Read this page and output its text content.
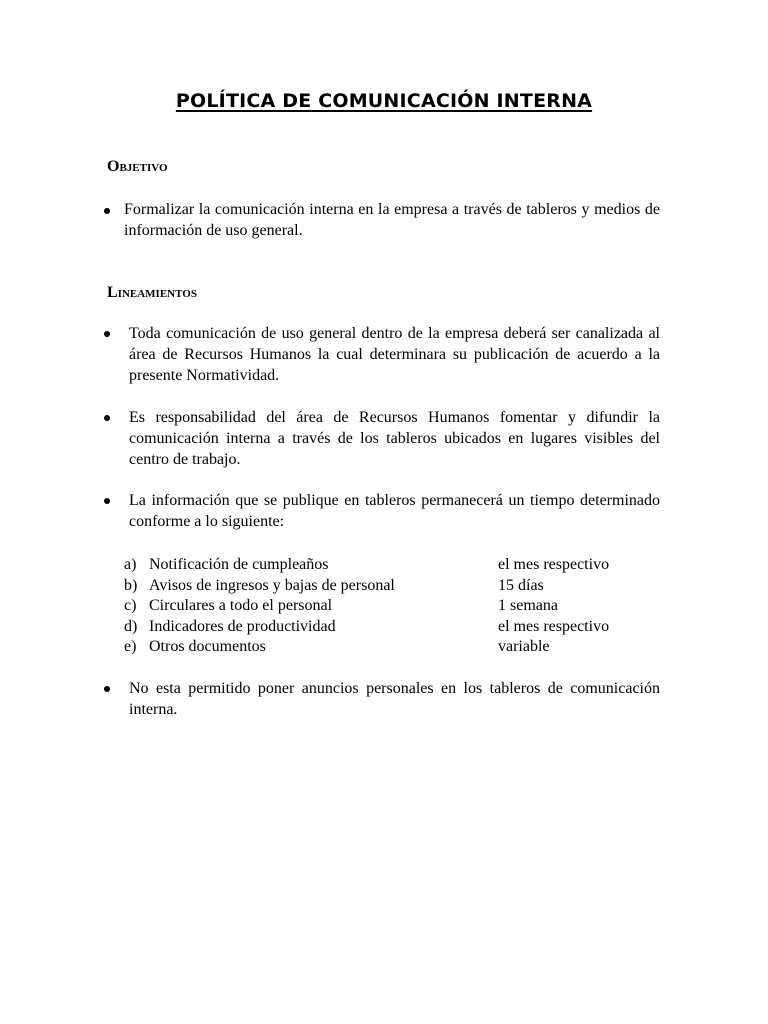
POLÍTICA DE COMUNICACIÓN INTERNA
Objetivo
Formalizar la comunicación interna en la empresa a través de tableros y medios de información de uso general.
Lineamientos
Toda comunicación de uso general dentro de la empresa deberá ser canalizada al área de Recursos Humanos la cual determinara su publicación de acuerdo a la presente Normatividad.
Es responsabilidad del área de Recursos Humanos fomentar y difundir la comunicación interna a través de los tableros ubicados en lugares visibles del centro de trabajo.
La información que se publique en tableros permanecerá un tiempo determinado conforme a lo siguiente:
a) Notificación de cumpleaños	el mes respectivo
b) Avisos de ingresos y bajas de personal	15 días
c) Circulares a todo el personal	1 semana
d) Indicadores de productividad	el mes respectivo
e) Otros documentos	variable
No esta permitido poner anuncios personales en los tableros de comunicación interna.
